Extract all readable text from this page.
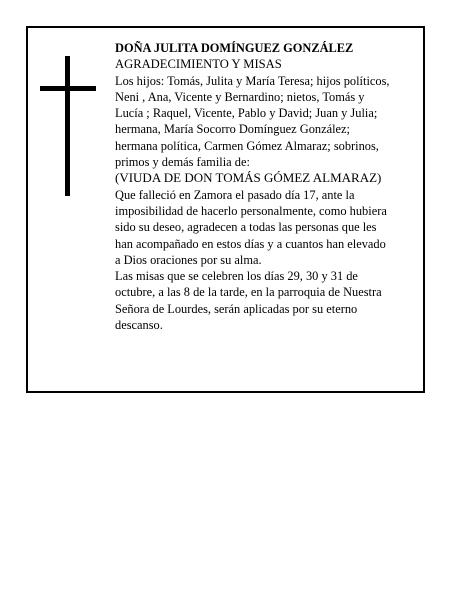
DOÑA JULITA DOMÍNGUEZ GONZÁLEZ
AGRADECIMIENTO Y MISAS
Los hijos: Tomás, Julita y María Teresa; hijos políticos,
Neni , Ana, Vicente y Bernardino; nietos, Tomás y
Lucía ; Raquel, Vicente, Pablo y David; Juan y Julia;
hermana, María Socorro Domínguez González;
hermana política, Carmen Gómez Almaraz; sobrinos,
primos y demás familia de:
(VIUDA DE DON TOMÁS GÓMEZ ALMARAZ)
Que falleció en Zamora el pasado día 17, ante la
imposibilidad de hacerlo personalmente, como hubiera
sido su deseo, agradecen a todas las personas que les
han acompañado en estos días y a cuantos han elevado
a Dios oraciones por su alma.
Las misas que se celebren los días 29, 30 y 31 de
octubre, a las 8 de la tarde, en la parroquia de Nuestra
Señora de Lourdes, serán aplicadas por su eterno
descanso.
